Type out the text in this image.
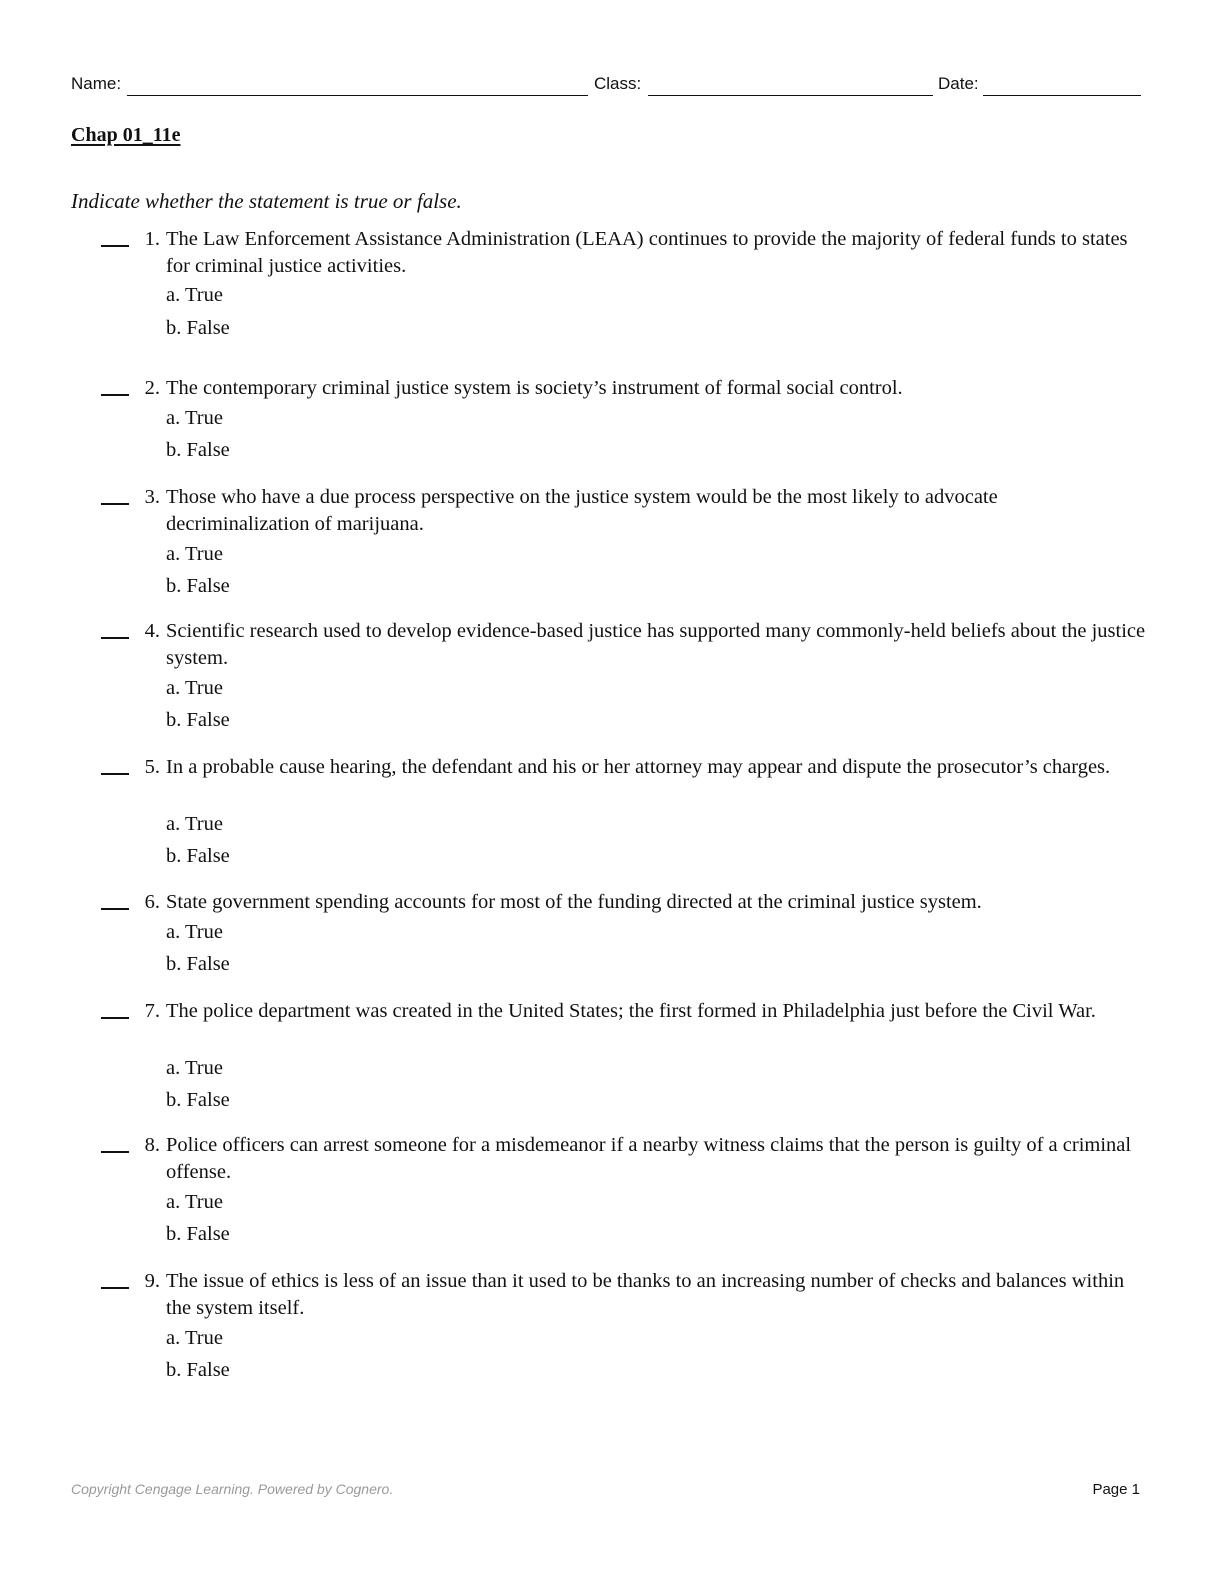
Name:	Class:	Date:
Chap 01_11e
Indicate whether the statement is true or false.
1. The Law Enforcement Assistance Administration (LEAA) continues to provide the majority of federal funds to states for criminal justice activities.
a. True
b. False
2. The contemporary criminal justice system is society’s instrument of formal social control.
a. True
b. False
3. Those who have a due process perspective on the justice system would be the most likely to advocate decriminalization of marijuana.
a. True
b. False
4. Scientific research used to develop evidence-based justice has supported many commonly-held beliefs about the justice system.
a. True
b. False
5. In a probable cause hearing, the defendant and his or her attorney may appear and dispute the prosecutor’s charges.
a. True
b. False
6. State government spending accounts for most of the funding directed at the criminal justice system.
a. True
b. False
7. The police department was created in the United States; the first formed in Philadelphia just before the Civil War.
a. True
b. False
8. Police officers can arrest someone for a misdemeanor if a nearby witness claims that the person is guilty of a criminal offense.
a. True
b. False
9. The issue of ethics is less of an issue than it used to be thanks to an increasing number of checks and balances within the system itself.
a. True
b. False
Copyright Cengage Learning. Powered by Cognero.	Page 1
